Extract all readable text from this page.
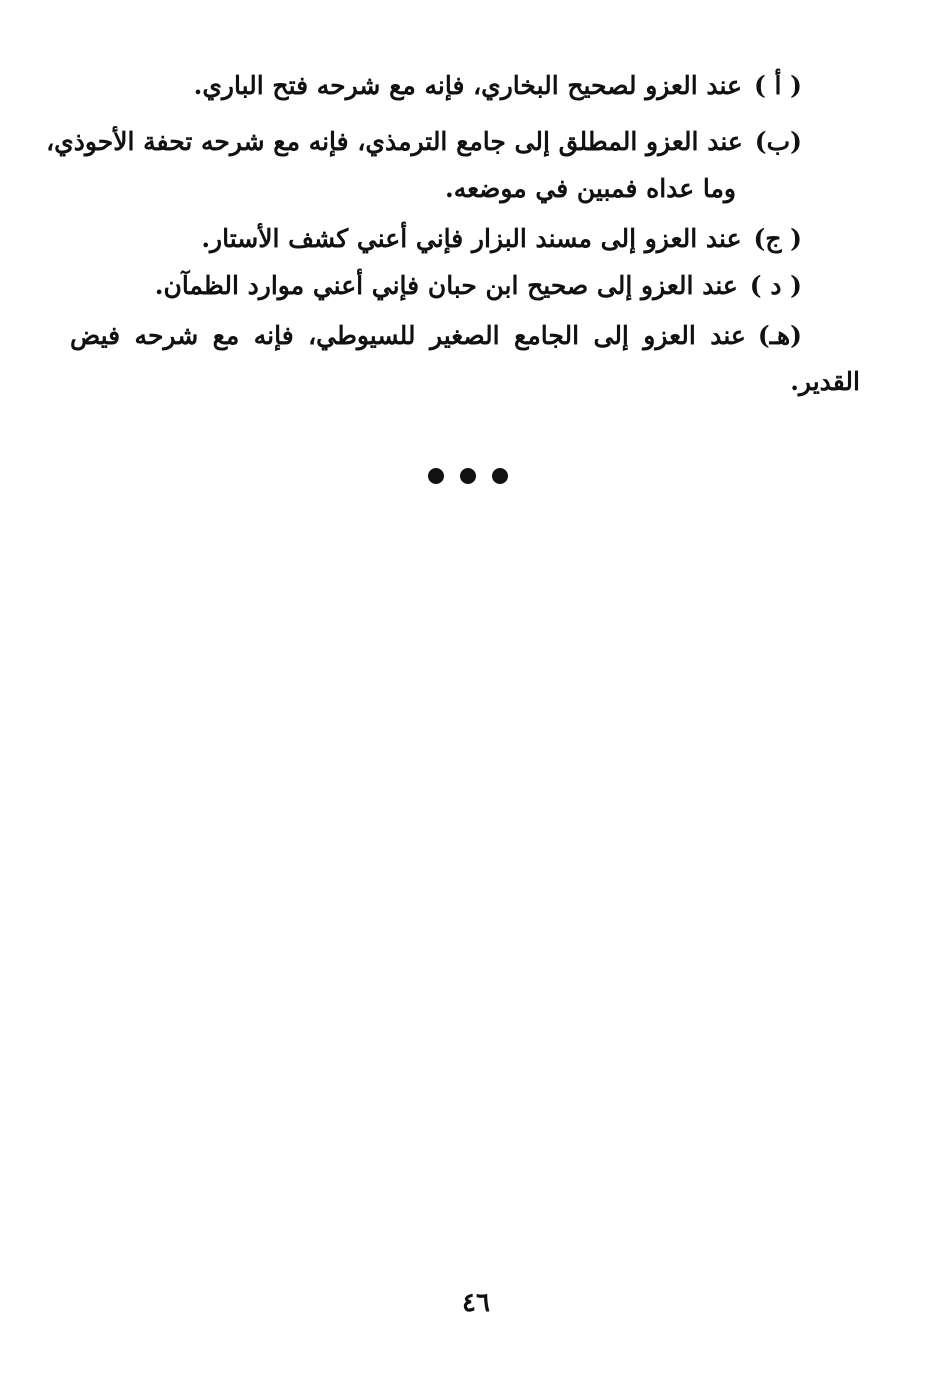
( أ )عند العزو لصحيح البخاري، فإنه مع شرحه فتح الباري.
(ب)عند العزو المطلق إلى جامع الترمذي، فإنه مع شرحه تحفة الأحوذي،
وما عداه فمبين في موضعه.
( ج)عند العزو إلى مسند البزار فإني أعني كشف الأستار.
( د )عند العزو إلى صحيح ابن حبان فإني أعني موارد الظمآن.
(هـ)عند العزو إلى الجامع الصغير للسيوطي، فإنه مع شرحه فيض
القدير.
٤٦
